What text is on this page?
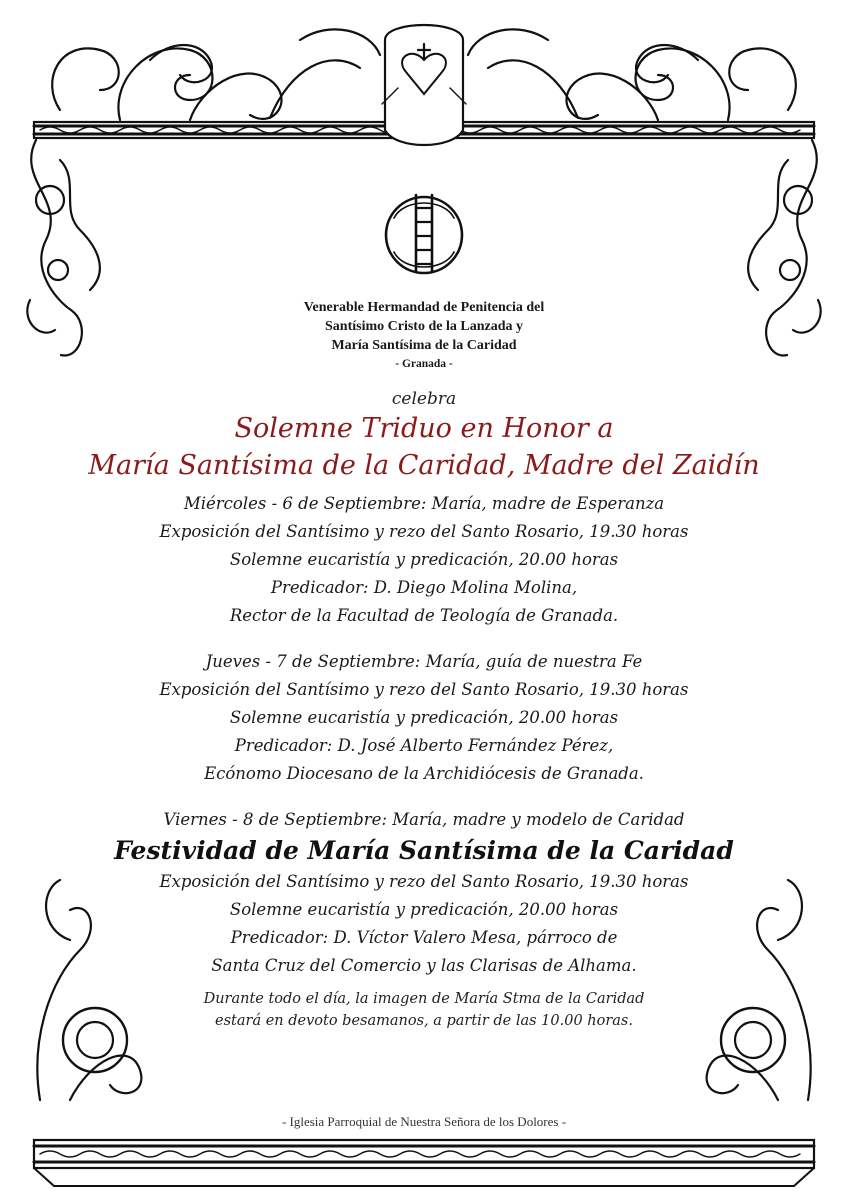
Venerable Hermandad de Penitencia del
Santísimo Cristo de la Lanzada y
María Santísima de la Caridad
- Granada -
celebra
Solemne Triduo en Honor a
María Santísima de la Caridad, Madre del Zaidín
Miércoles - 6 de Septiembre: María, madre de Esperanza
Exposición del Santísimo y rezo del Santo Rosario, 19.30 horas
Solemne eucaristía y predicación, 20.00 horas
Predicador: D. Diego Molina Molina,
Rector de la Facultad de Teología de Granada.
Jueves - 7 de Septiembre: María, guía de nuestra Fe
Exposición del Santísimo y rezo del Santo Rosario, 19.30 horas
Solemne eucaristía y predicación, 20.00 horas
Predicador: D. José Alberto Fernández Pérez,
Ecónomo Diocesano de la Archidiócesis de Granada.
Viernes - 8 de Septiembre: María, madre y modelo de Caridad
Festividad de María Santísima de la Caridad
Exposición del Santísimo y rezo del Santo Rosario, 19.30 horas
Solemne eucaristía y predicación, 20.00 horas
Predicador: D. Víctor Valero Mesa, párroco de
Santa Cruz del Comercio y las Clarisas de Alhama.
Durante todo el día, la imagen de María Stma de la Caridad
estará en devoto besamanos, a partir de las 10.00 horas.
- Iglesia Parroquial de Nuestra Señora de los Dolores -
